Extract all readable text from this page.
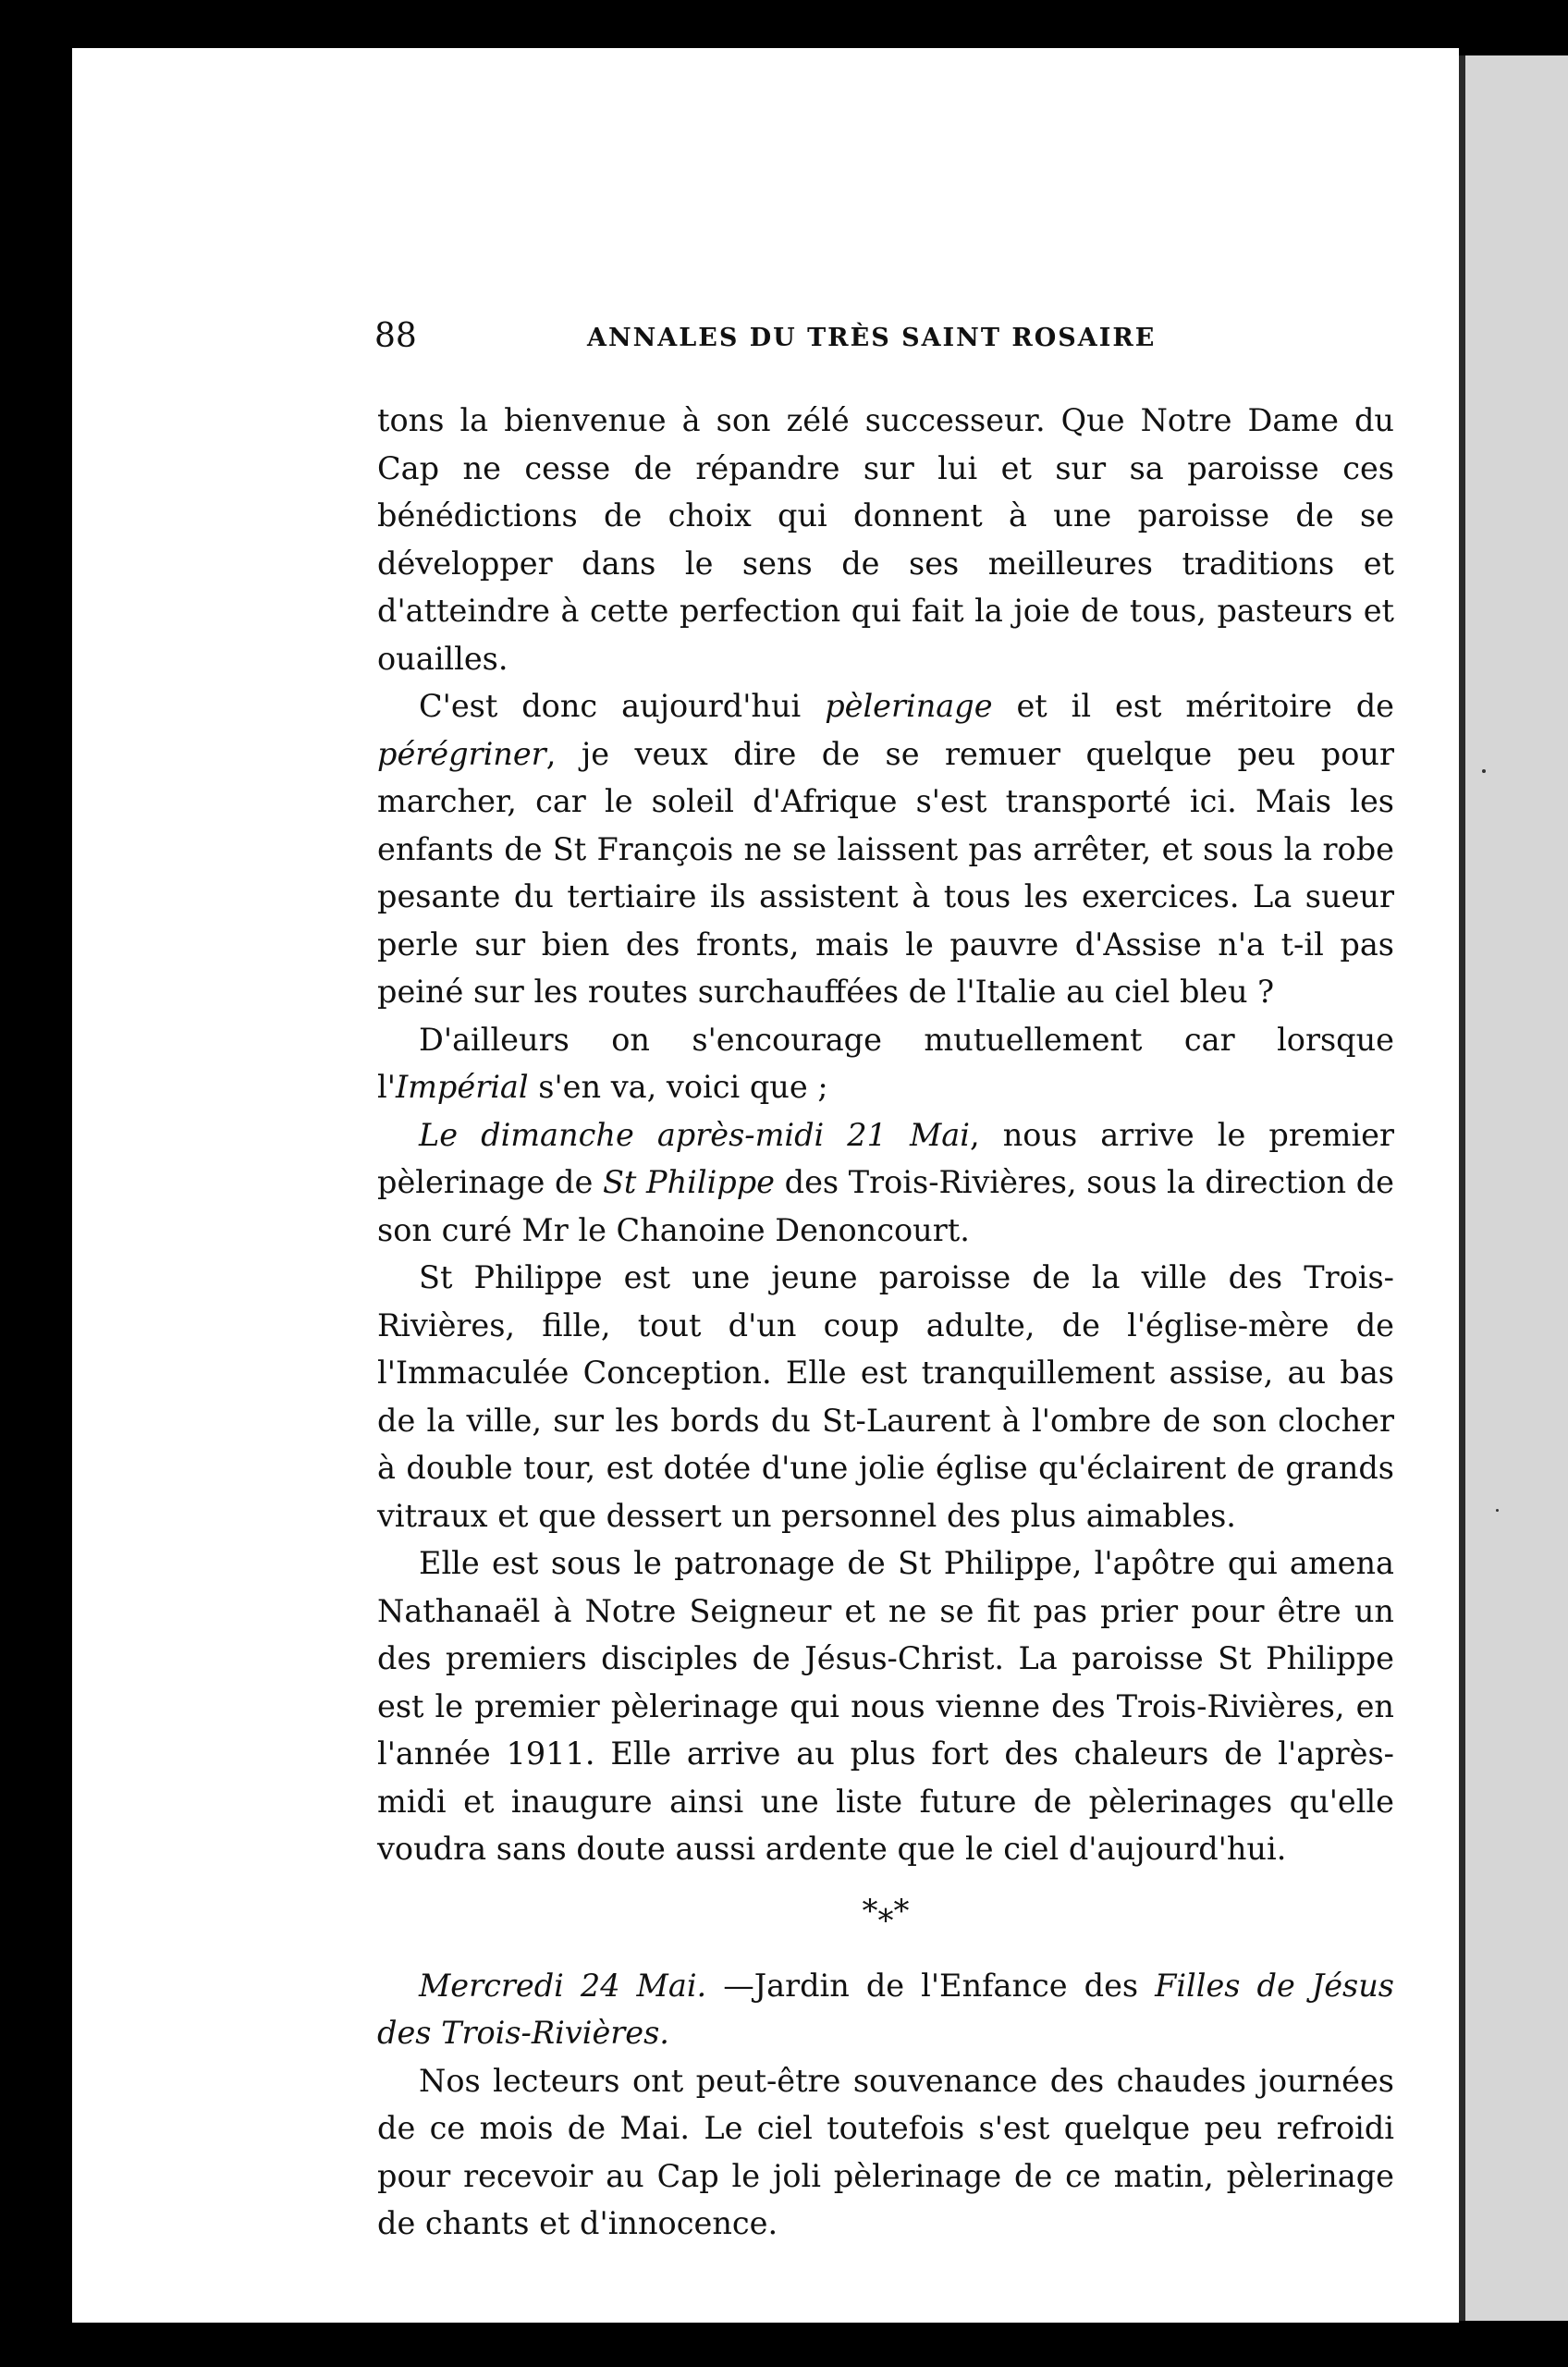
88	ANNALES DU TRÈS SAINT ROSAIRE

tons la bienvenue à son zélé successeur. Que Notre Dame du Cap ne cesse de répandre sur lui et sur sa paroisse ces bénédictions de choix qui donnent à une paroisse de se développer dans le sens de ses meilleures traditions et d'atteindre à cette perfection qui fait la joie de tous, pasteurs et ouailles.

C'est donc aujourd'hui pèlerinage et il est méritoire de pérégriner, je veux dire de se remuer quelque peu pour marcher, car le soleil d'Afrique s'est transporté ici. Mais les enfants de St François ne se laissent pas arrêter, et sous la robe pesante du tertiaire ils assistent à tous les exercices. La sueur perle sur bien des fronts, mais le pauvre d'Assise n'a t-il pas peiné sur les routes surchauffées de l'Italie au ciel bleu ?

D'ailleurs on s'encourage mutuellement car lorsque l'Impérial s'en va, voici que ;

Le dimanche après-midi 21 Mai, nous arrive le premier pèlerinage de St Philippe des Trois-Rivières, sous la direction de son curé Mr le Chanoine Denoncourt.

St Philippe est une jeune paroisse de la ville des Trois-Rivières, fille, tout d'un coup adulte, de l'église-mère de l'Immaculée Conception. Elle est tranquillement assise, au bas de la ville, sur les bords du St-Laurent à l'ombre de son clocher à double tour, est dotée d'une jolie église qu'éclairent de grands vitraux et que dessert un personnel des plus aimables.

Elle est sous le patronage de St Philippe, l'apôtre qui amena Nathanaël à Notre Seigneur et ne se fit pas prier pour être un des premiers disciples de Jésus-Christ. La paroisse St Philippe est le premier pèlerinage qui nous vienne des Trois-Rivières, en l'année 1911. Elle arrive au plus fort des chaleurs de l'après-midi et inaugure ainsi une liste future de pèlerinages qu'elle voudra sans doute aussi ardente que le ciel d'aujourd'hui.

*⁎*

Mercredi 24 Mai. —Jardin de l'Enfance des Filles de Jésus des Trois-Rivières.

Nos lecteurs ont peut-être souvenance des chaudes journées de ce mois de Mai. Le ciel toutefois s'est quelque peu refroidi pour recevoir au Cap le joli pèlerinage de ce matin, pèlerinage de chants et d'innocence.
